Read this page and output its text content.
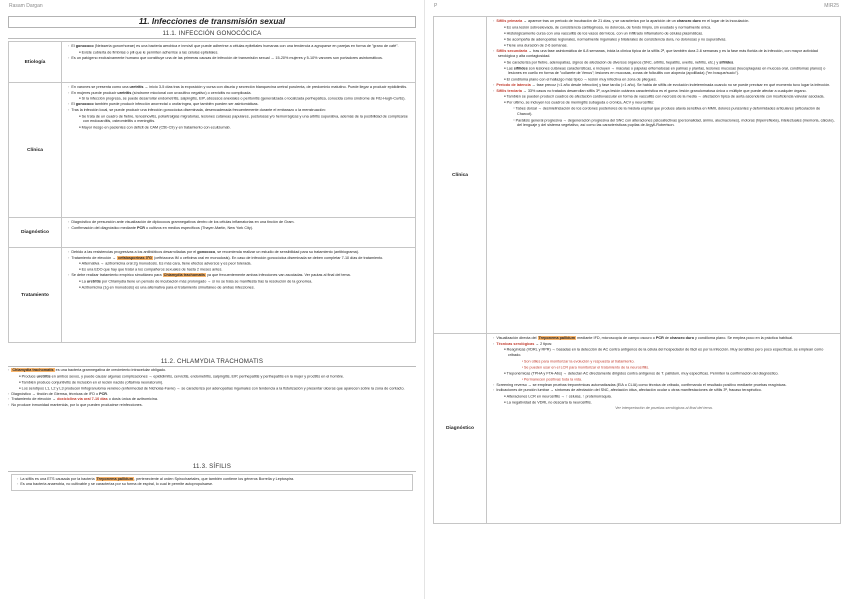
Rasam Dargan
11. Infecciones de transmisión sexual
11.1. INFECCIÓN GONOCÓCICA
Etiología

›  El gonococo (Neisseria gonorrhoeae) es una bacteria aerobica e inmóvil que puede adherirse a células epiteliales humanas con una tendencia a agruparse en parejas en forma de "grano de café".

● Existe cubierta de fimbrias o pili que le permiten adherirse a las células epiteliales.

›  Es un patógeno exclusivamente humano que constituye una de las primeras causas de infección de transmisión sexual → 15-20% mujeres y 5-10% varones son portadores asintomáticos.

Clínica

›  En varones se presenta como una uretritis → inicio 3-5 días tras la exposición y cursa con disuria y secreción blanquecina uretral purulenta, de predominio matutino. Puede llegar a producir epididimitis.

›  En mujeres puede producir uretritis (síndrome miccional con urocultivo negativo) o cervicitis no complicada.

● Si la infección progresa, se puede desarrollar endometritis, salpingitis, EIP, abscesos anexiales o peritonitis (generalizada o localizada perihepática, conocida como síndrome de Fitz-Hugh-Curtis).

›  El gonococo también puede producir infección anorrectal o orofaríngea, que también pueden ser asintomáticas.

›  Tras la infección local, se puede producir una infección gonocócica diseminada, desencadenada frecuentemente durante el embarazo o la menstruación:

● Se trata de un cuadro de fiebre, tenosinovitis, poliartralgias migratorias, lesiones cutáneas papulares, pustulosas y/o hemorrágicas y una artritis supurativa, además de la posibilidad de complicarse con endocarditis, osteomielitis o meningitis.

● Mayor riesgo en pacientes con déficit de CAM (C5b-C9) y en tratamiento con eculizumab.

Diagnóstico

›  Diagnóstico de presunción ante visualización de diplococos gramnegativos dentro de los células inflamatorias en una tinción de Gram.

›  Confirmación del diagnóstico mediante PCR o cultivos en medios específicos (Thayer-Martin, New York City).

Tratamiento

›  Debido a las resistencias progresivas a los antibióticos desarrolladas por el gonococo, se recomienda realizar un estudio de sensibilidad para su tratamiento (antibiograma).

›  Tratamiento de elección → cefalosporinas 3ªG (ceftriaxona IM o cefixima oral en monodosis). En caso de infección gonocócica diseminada se deben completar 7-10 días de tratamiento.

● Alternativa → azitromicina oral 2g monodosis. Es más cara, tiene efectos adversos y es peor tolerada.

● Es una EDO que hay que tratar a los compañeros sexuales de hasta 2 meses antes.

›  Se debe realizar tratamiento empírico simultáneo para Chlamydia trachomatis ya que frecuentemente ambas infecciones van asociadas. Ver pautas al final del tema.

● La uretritis por Chlamydia tiene un período de incubación más prolongado → si no se trata se manifiesta tras la resolución de la gonorrea.

● Azitromicina (1g en monodosis) es una alternativa para el tratamiento simultáneo de ambas infecciones.

11.2. CHLAMYDIA TRACHOMATIS

›  Chlamydia trachomatis es una bacteria gramnegativa de crecimiento intracelular obligado.

● Produce uretritis en ambos sexos, y puede causar algunas complicaciones → epididimitis, cervicitis, endometritis, salpingitis, EIP, perihepatitis y perihepatitis en la mujer y proctitis en el hombre.

● También produce conjuntivitis de inclusión en el recién nacido (oftalmía neonatorum).

● Los serotipos L1, L2 y L3 producen linfogranuloma venéreo (enfermedad de Nicholas-Favre) → se caracteriza por adenopatías inguinales con tendencia a la fistulización y presentar úlceras que aparecen sobre la zona de contacto.

›  Diagnóstico → tinción de Giemsa, técnicas de IFD o PCR.

›  Tratamiento de elección → doxiciclina vía oral 7-10 días o dosis única de azitromicina.

›  No produce inmunidad mantenida, por lo que pueden producirse reinfecciones.

11.3. SÍFILIS

›  La sífilis es una ETS causada por la bacteria Treponema pallidum, perteneciente al orden Spirochaetales, que también contiene los géneros Borrelia y Leptospira.

›  Es una bacteria anaerobia, no cultivable y se caracteriza por su forma de espiral, lo cual le permite autopropulsarse.

P	MIR25
Clínica

›  Sífilis primaria → aparece tras un periodo de incubación de 21 días, y se caracteriza por la aparición de un chancro duro en el lugar de la inoculación.

● Es una lesión sobreelevada, de consistencia cartilaginosa, no dolorosa, de fondo limpio, sin exudado y normalmente única.

● Histológicamente cursa con una vasculitis de los vasos dérmicos, con un infiltrado inflamatorio de células plasmáticas.

● Se acompaña de adenopatías regionales, normalmente inguinales y bilaterales de consistencia dura, no dolorosas y no supurativas.

● Tiene una duración de 2-6 semanas.

›  Sífilis secundaria → tras una fase asintomática de 6-8 semanas, inicia la clínica típica de la sífilis 2ª, que también dura 2-6 semanas y es la fase más florida de la infección, con mayor actividad serológica y alta contagiosidad.

● Se caracteriza por fiebre, adenopatías, signos de afectación de diversos órganos (SNC, artritis, hepatitis, uveítis, nefritis, etc.) y sifílides.

● Las sifílides son lesiones cutáneas características, e incluyen → máculas o pápulas eritematosas en palmas y plantas, lesiones mucosas (leucoplaquias en mucosa oral, condilomas planos) o lesiones en cuello en forma de "collarete de Venus"; lesiones en mucosas, zonas de foliculitis con alopecia (apolillada) ("en bosque/sucio").

● El condiloma plano con el hallazgo más típico → lesión muy infectiva en zona de pliegues.

›  Período de latencia → fase precoz (<1 año desde infección) y fase tardía (>1 año). Se habla de sífilis de evolución indeterminada cuando no se puede precisar en qué momento tuvo lugar la infección.

›  Sífilis terciaria → 33% casos no tratados desarrollan sífilis 3ª, cuya lesión cutánea característica es el goma: lesión granulomatosa única o múltiple que puede afectar a cualquier órgano.

● También se pueden producir cuadros de afectación cardiovascular en forma de vasculitis con necrosis de la media → afectación típica de aorta ascendente con insuficiencia valvular asociada.

● Por último, se incluyen los cuadros de meningitis subaguda o crónica, ACV y neurosífilis:

○ Tabes dorsal → desmielinización de los cordones posteriores de la médula espinal que produce ataxia sensitiva en MMII, dolores punzantes y deformidades articulares (articulación de Charcot).

○ Parálisis general progresiva → degeneración progresiva del SNC con alteraciones psicoafectivas (personalidad, ánimo, alucinaciones), motoras (hiperreflexia), intelectuales (memoria, cálculo), del lenguaje y del sistema vegetativo, así como las características pupilas de Argyll-Robertson.

Diagnóstico

›  Visualización directa del Treponema pallidum mediante IFD, microscopía de campo oscuro o PCR de chancro duro y condiloma plano. Se emplea poco en la práctica habitual.

›  Técnicas serológicas → 2 tipos:

● Reagínicas (VDRL y RPR) → basadas en la detección de AC contra antígenos de la célula del hospedador de fácil es por la infección. Muy sensibles pero poco específicas, se emplean como cribado.

▪ Son útiles para monitorizar la evolución y respuesta al tratamiento.

▪ Se pueden usar en el LCR para monitorizar el tratamiento de la neurosífilis.

● Treponémicas (TPHA y FTA-Abs) → detectan AC directamente dirigidos contra antígenos de T. pallidum, muy específicas. Permiten la confirmación del diagnóstico.

▪ Permanecen positivas toda la vida.

›  Screening reverso → se emplean pruebas treponémicas automatizadas (EIA o CLIA) como técnica de cribado, confirmando el resultado positivo mediante pruebas reagínicas.

›  Indicaciones de punción lumbar → síntomas de afectación del SNC, afectación ótica, afectación ocular u otras manifestaciones de sífilis 3ª, fracaso terapéutico.

● Alteraciones LCR en neurosífilis → ↑ células, ↑ proteinorraquia.

● La negatividad de VDRL no descarta la neurosífilis.

Ver interpretación de pruebas serológicas al final del tema.
